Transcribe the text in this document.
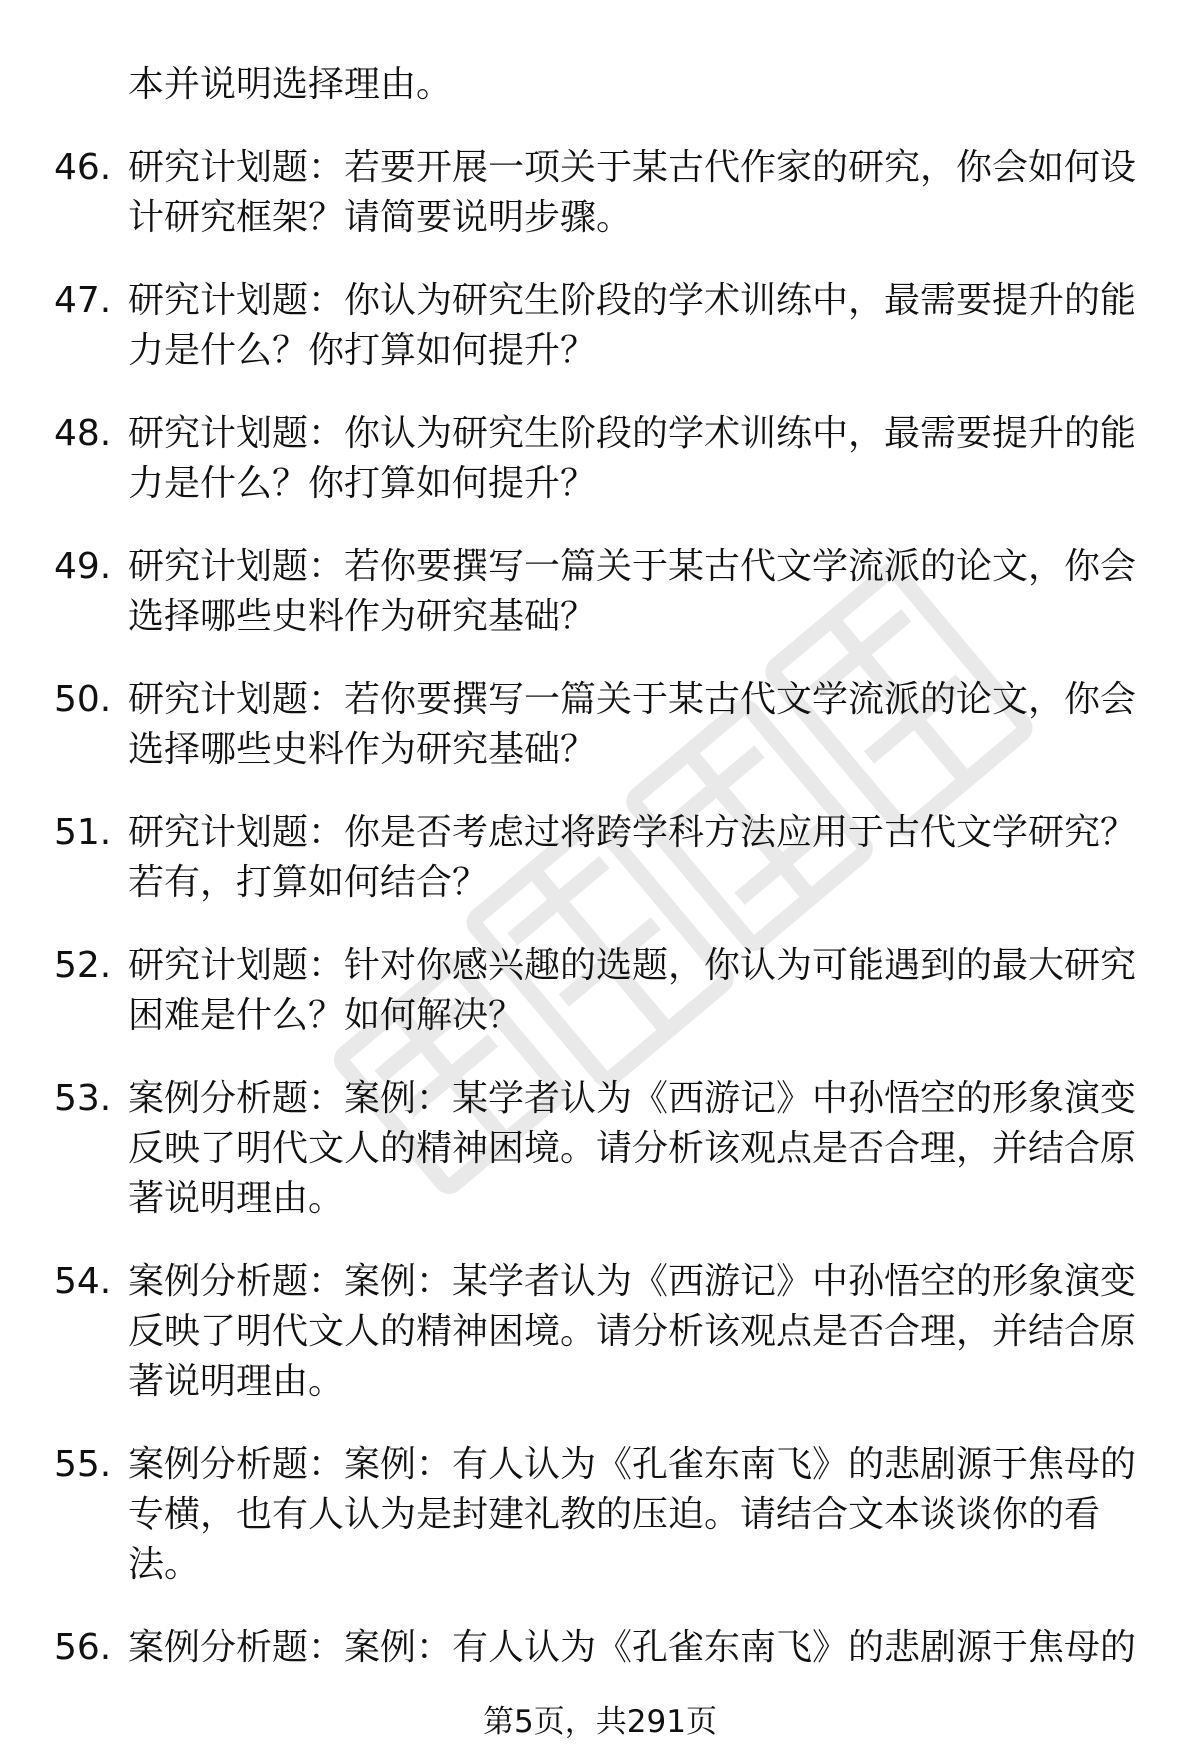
本并说明选择理由。
46. 研究计划题：若要开展一项关于某古代作家的研究，你会如何设计研究框架？请简要说明步骤。
47. 研究计划题：你认为研究生阶段的学术训练中，最需要提升的能力是什么？你打算如何提升？
48. 研究计划题：你认为研究生阶段的学术训练中，最需要提升的能力是什么？你打算如何提升？
49. 研究计划题：若你要撰写一篇关于某古代文学流派的论文，你会选择哪些史料作为研究基础？
50. 研究计划题：若你要撰写一篇关于某古代文学流派的论文，你会选择哪些史料作为研究基础？
51. 研究计划题：你是否考虑过将跨学科方法应用于古代文学研究？若有，打算如何结合？
52. 研究计划题：针对你感兴趣的选题，你认为可能遇到的最大研究困难是什么？如何解决？
53. 案例分析题：案例：某学者认为《西游记》中孙悟空的形象演变反映了明代文人的精神困境。请分析该观点是否合理，并结合原著说明理由。
54. 案例分析题：案例：某学者认为《西游记》中孙悟空的形象演变反映了明代文人的精神困境。请分析该观点是否合理，并结合原著说明理由。
55. 案例分析题：案例：有人认为《孔雀东南飞》的悲剧源于焦母的专横，也有人认为是封建礼教的压迫。请结合文本谈谈你的看法。
56. 案例分析题：案例：有人认为《孔雀东南飞》的悲剧源于焦母的
第5页，共291页
